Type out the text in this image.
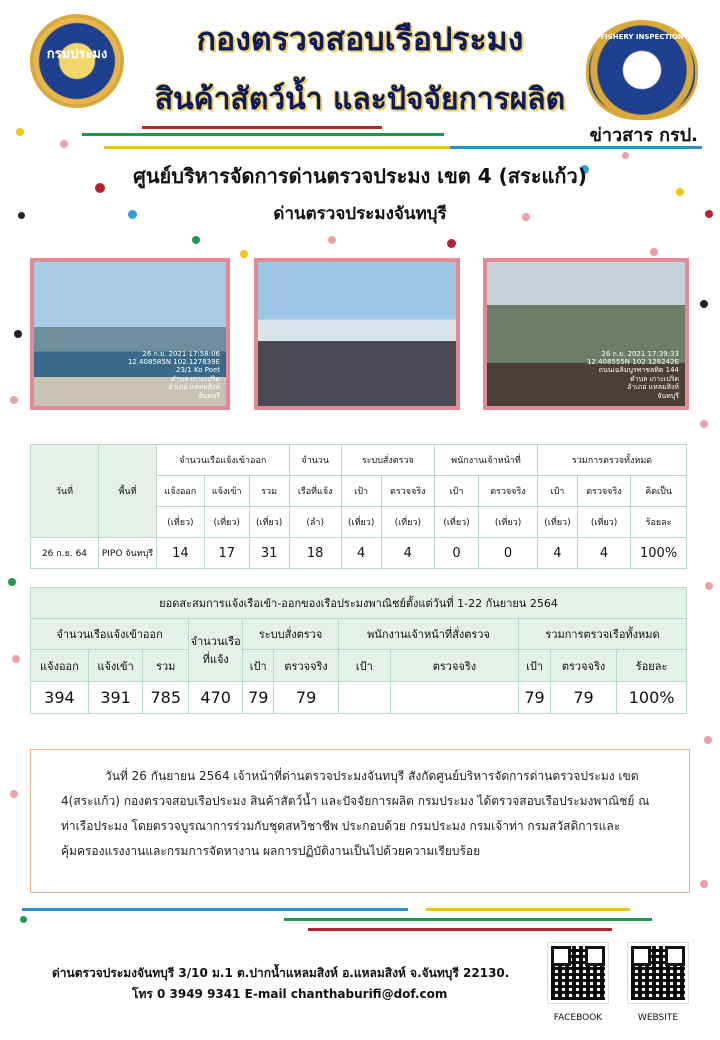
กรมประมง
FISHERY INSPECTION
กองตรวจสอบเรือประมง
สินค้าสัตว์น้ำ และปัจจัยการผลิต
ข่าวสาร กรป.
ศูนย์บริหารจัดการด่านตรวจประมง เขต 4 (สระแก้ว)
ด่านตรวจประมงจันทบุรี
26 ก.ย. 2021 17:58:06
12.408585N 102.127839E
23/1 Ko Poet
ตำบล เกาะเปริด
อำเภอ แหลมสิงห์
จันทบุรี
26 ก.ย. 2021 17:39:33
12.408555N 102.128242E
ถนนเฉลิมบูรพาชลทิต 144
ตำบล เกาะเปริด
อำเภอ แหลมสิงห์
จันทบุรี
วันที่	พื้นที่	จำนวนเรือแจ้งเข้าออก			จำนวน	ระบบสั่งตรวจ		พนักงานเจ้าหน้าที่		รวมการตรวจทั้งหมด		
		แจ้งออก	แจ้งเข้า	รวม	เรือที่แจ้ง	เป้า	ตรวจจริง	เป้า	ตรวจจริง	เป้า	ตรวจจริง	คิดเป็น
		(เที่ยว)	(เที่ยว)	(เที่ยว)	(ลำ)	(เที่ยว)	(เที่ยว)	(เที่ยว)	(เที่ยว)	(เที่ยว)	(เที่ยว)	ร้อยละ
26 ก.ย. 64	PIPO จันทบุรี	14	17	31	18	4	4	0	0	4	4	100%
ยอดสะสมการแจ้งเรือเข้า-ออกของเรือประมงพาณิชย์ตั้งแต่วันที่ 1-22 กันยายน 2564										
จำนวนเรือแจ้งเข้าออก			จำนวนเรือที่แจ้ง	ระบบสั่งตรวจ		พนักงานเจ้าหน้าที่สั่งตรวจ		รวมการตรวจเรือทั้งหมด		
แจ้งออก	แจ้งเข้า	รวม		เป้า	ตรวจจริง	เป้า	ตรวจจริง	เป้า	ตรวจจริง	ร้อยละ
394	391	785	470	79	79			79	79	100%

วันที่ 26 กันยายน 2564 เจ้าหน้าที่ด่านตรวจประมงจันทบุรี สังกัดศูนย์บริหารจัดการด่านตรวจประมง เขต 4(สระแก้ว) กองตรวจสอบเรือประมง สินค้าสัตว์น้ำ และปัจจัยการผลิต กรมประมง ได้ตรวจสอบเรือประมงพาณิชย์ ณ ท่าเรือประมง โดยตรวจบูรณาการร่วมกับชุดสหวิชาชีพ ประกอบด้วย กรมประมง กรมเจ้าท่า กรมสวัสดิการและคุ้มครองแรงงานและกรมการจัดหางาน ผลการปฏิบัติงานเป็นไปด้วยความเรียบร้อย

ด่านตรวจประมงจันทบุรี 3/10 ม.1 ต.ปากน้ำแหลมสิงห์ อ.แหลมสิงห์ จ.จันทบุรี 22130.
โทร 0 3949 9341 E-mail chanthaburifi@dof.com
FACEBOOK	WEBSITE
